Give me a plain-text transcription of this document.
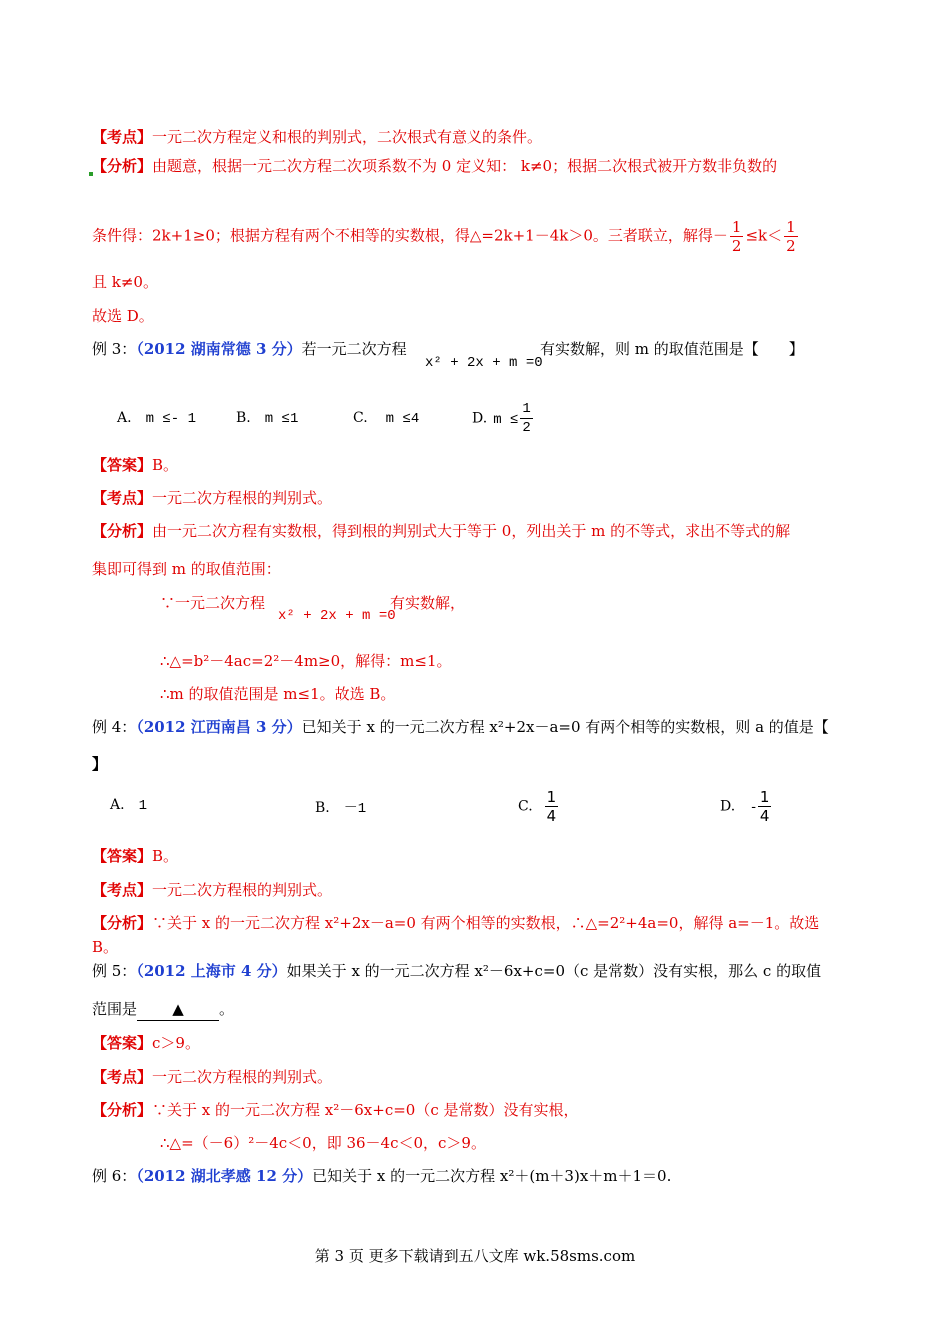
【考点】一元二次方程定义和根的判别式，二次根式有意义的条件。
【分析】由题意，根据一元二次方程二次项系数不为 0 定义知： k≠0；根据二次根式被开方数非负数的
条件得：2k+1≥0；根据方程有两个不相等的实数根，得△=2k+1－4k＞0。三者联立，解得－ $\frac{1}{2} \le k< \frac{1}{2}$
且 k≠0。
故选 D。
例 3：（2012 湖南常德 3 分）若一元二次方程
x² + 2x + m =0
有实数解，则 m 的取值范围是【　　】
A. m ≤- 1	B. m ≤1	C. m ≤4	D. $m \le \frac{1}{2}$
【答案】B。
【考点】一元二次方程根的判别式。
【分析】由一元二次方程有实数根，得到根的判别式大于等于 0，列出关于 m 的不等式，求出不等式的解
集即可得到 m 的取值范围：
∵一元二次方程
x² + 2x + m =0
有实数解，
∴△=b²－4ac=2²－4m≥0，解得：m≤1。
∴m 的取值范围是 m≤1。故选 B。
例 4：（2012 江西南昌 3 分）已知关于 x 的一元二次方程 x²+2x－a=0 有两个相等的实数根，则 a 的值是【
】
A. 1	B. －1	C. $\frac{1}{4}$	D. - $\frac{1}{4}$
【答案】B。
【考点】一元二次方程根的判别式。
【分析】∵关于 x 的一元二次方程 x²+2x－a=0 有两个相等的实数根，∴△=2²+4a=0，解得 a=－1。故选
B。
例 5：（2012 上海市 4 分）如果关于 x 的一元二次方程 x²－6x+c=0（c 是常数）没有实根，那么 c 的取值
范围是 ▲ 。
【答案】c＞9。
【考点】一元二次方程根的判别式。
【分析】∵关于 x 的一元二次方程 x²－6x+c=0（c 是常数）没有实根，
∴△=（－6）²－4c＜0，即 36－4c＜0，c＞9。
例 6：（2012 湖北孝感 12 分）已知关于 x 的一元二次方程 x²＋(m＋3)x＋m＋1＝0.
第 3 页 更多下载请到五八文库 wk.58sms.com
